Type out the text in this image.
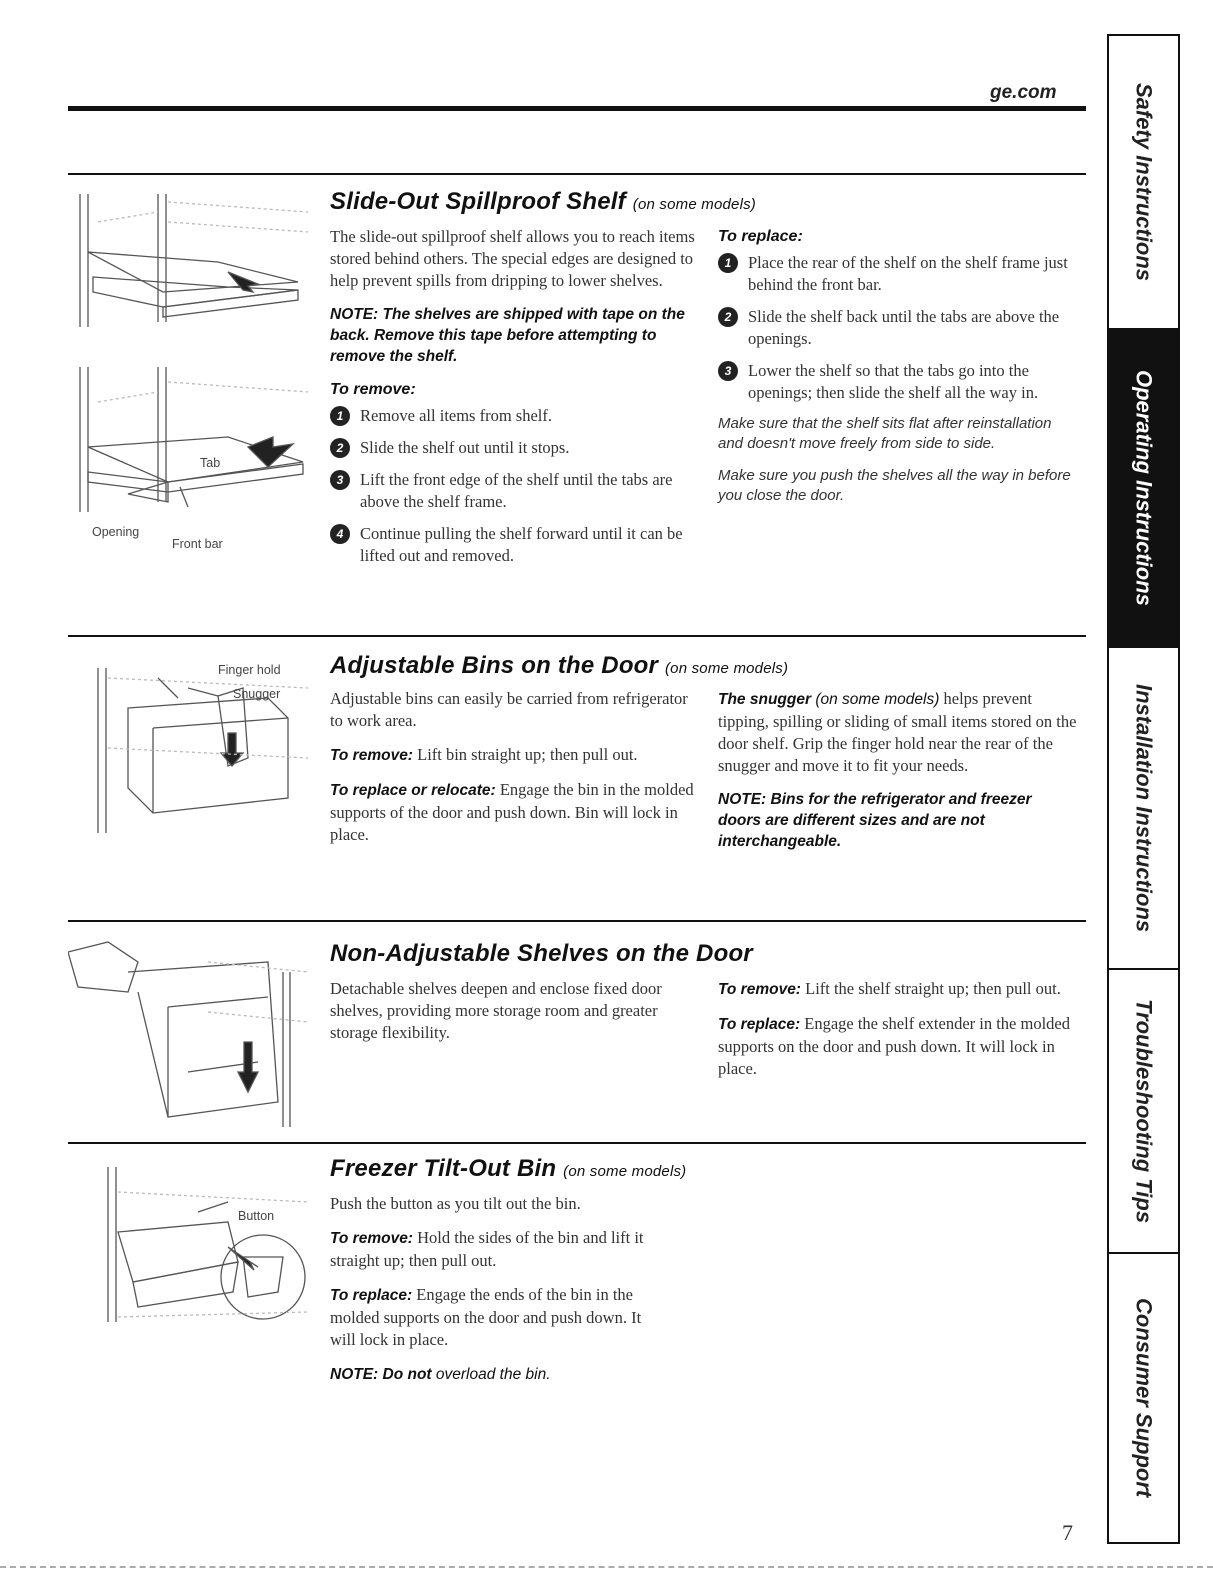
ge.com
Tab
Opening
Front bar
Slide-Out Spillproof Shelf (on some models)

The slide-out spillproof shelf allows you to reach items stored behind others. The special edges are designed to help prevent spills from dripping to lower shelves.

NOTE: The shelves are shipped with tape on the back. Remove this tape before attempting to remove the shelf.

To remove:
1	Remove all items from shelf.
2	Slide the shelf out until it stops.
3	Lift the front edge of the shelf until the tabs are above the shelf frame.
4	Continue pulling the shelf forward until it can be lifted out and removed.
To replace:
1	Place the rear of the shelf on the shelf frame just behind the front bar.
2	Slide the shelf back until the tabs are above the openings.
3	Lower the shelf so that the tabs go into the openings; then slide the shelf all the way in.

Make sure that the shelf sits flat after reinstallation and doesn't move freely from side to side.

Make sure you push the shelves all the way in before you close the door.

Finger hold
Snugger
Adjustable Bins on the Door (on some models)

Adjustable bins can easily be carried from refrigerator to work area.

To remove: Lift bin straight up; then pull out.

To replace or relocate: Engage the bin in the molded supports of the door and push down. Bin will lock in place.

The snugger (on some models) helps prevent tipping, spilling or sliding of small items stored on the door shelf. Grip the finger hold near the rear of the snugger and move it to fit your needs.

NOTE: Bins for the refrigerator and freezer doors are different sizes and are not interchangeable.

Non-Adjustable Shelves on the Door

Detachable shelves deepen and enclose fixed door shelves, providing more storage room and greater storage flexibility.

To remove: Lift the shelf straight up; then pull out.

To replace: Engage the shelf extender in the molded supports on the door and push down. It will lock in place.

Button
Freezer Tilt-Out Bin (on some models)

Push the button as you tilt out the bin.

To remove: Hold the sides of the bin and lift it straight up; then pull out.

To replace: Engage the ends of the bin in the molded supports on the door and push down. It will lock in place.

NOTE: Do not overload the bin.

Safety Instructions
Operating Instructions
Installation Instructions
Troubleshooting Tips
Consumer Support
7
